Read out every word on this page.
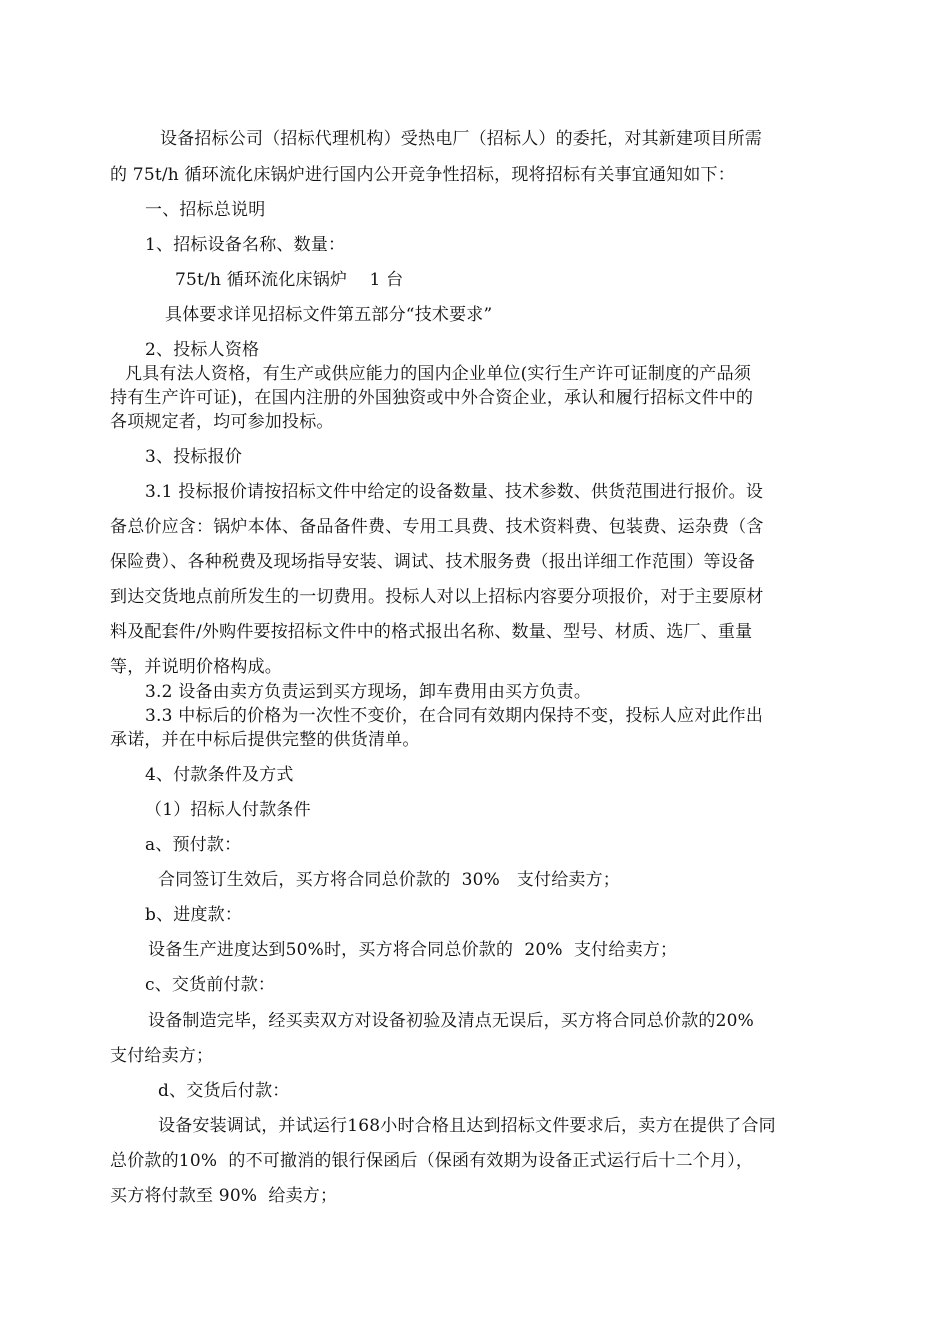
设备招标公司（招标代理机构）受热电厂（招标人）的委托，对其新建项目所需
的 75t/h 循环流化床锅炉进行国内公开竞争性招标，现将招标有关事宜通知如下：
一、招标总说明
1、招标设备名称、数量：
75t/h 循环流化床锅炉    1 台
具体要求详见招标文件第五部分“技术要求”
2、投标人资格
凡具有法人资格，有生产或供应能力的国内企业单位(实行生产许可证制度的产品须
持有生产许可证)，在国内注册的外国独资或中外合资企业，承认和履行招标文件中的
各项规定者，均可参加投标。
3、投标报价
3.1 投标报价请按招标文件中给定的设备数量、技术参数、供货范围进行报价。设
备总价应含：锅炉本体、备品备件费、专用工具费、技术资料费、包装费、运杂费（含
保险费）、各种税费及现场指导安装、调试、技术服务费（报出详细工作范围）等设备
到达交货地点前所发生的一切费用。投标人对以上招标内容要分项报价，对于主要原材
料及配套件/外购件要按招标文件中的格式报出名称、数量、型号、材质、选厂、重量
等，并说明价格构成。
3.2 设备由卖方负责运到买方现场，卸车费用由买方负责。
3.3 中标后的价格为一次性不变价，在合同有效期内保持不变，投标人应对此作出
承诺，并在中标后提供完整的供货清单。
4、付款条件及方式
（1）招标人付款条件
a、预付款：
合同签订生效后，买方将合同总价款的  30%   支付给卖方；
b、进度款：
设备生产进度达到50%时，买方将合同总价款的  20%  支付给卖方；
c、交货前付款：
设备制造完毕，经买卖双方对设备初验及清点无误后，买方将合同总价款的20%
支付给卖方；
d、交货后付款：
设备安装调试，并试运行168小时合格且达到招标文件要求后，卖方在提供了合同
总价款的10%  的不可撤消的银行保函后（保函有效期为设备正式运行后十二个月），
买方将付款至 90%  给卖方；
